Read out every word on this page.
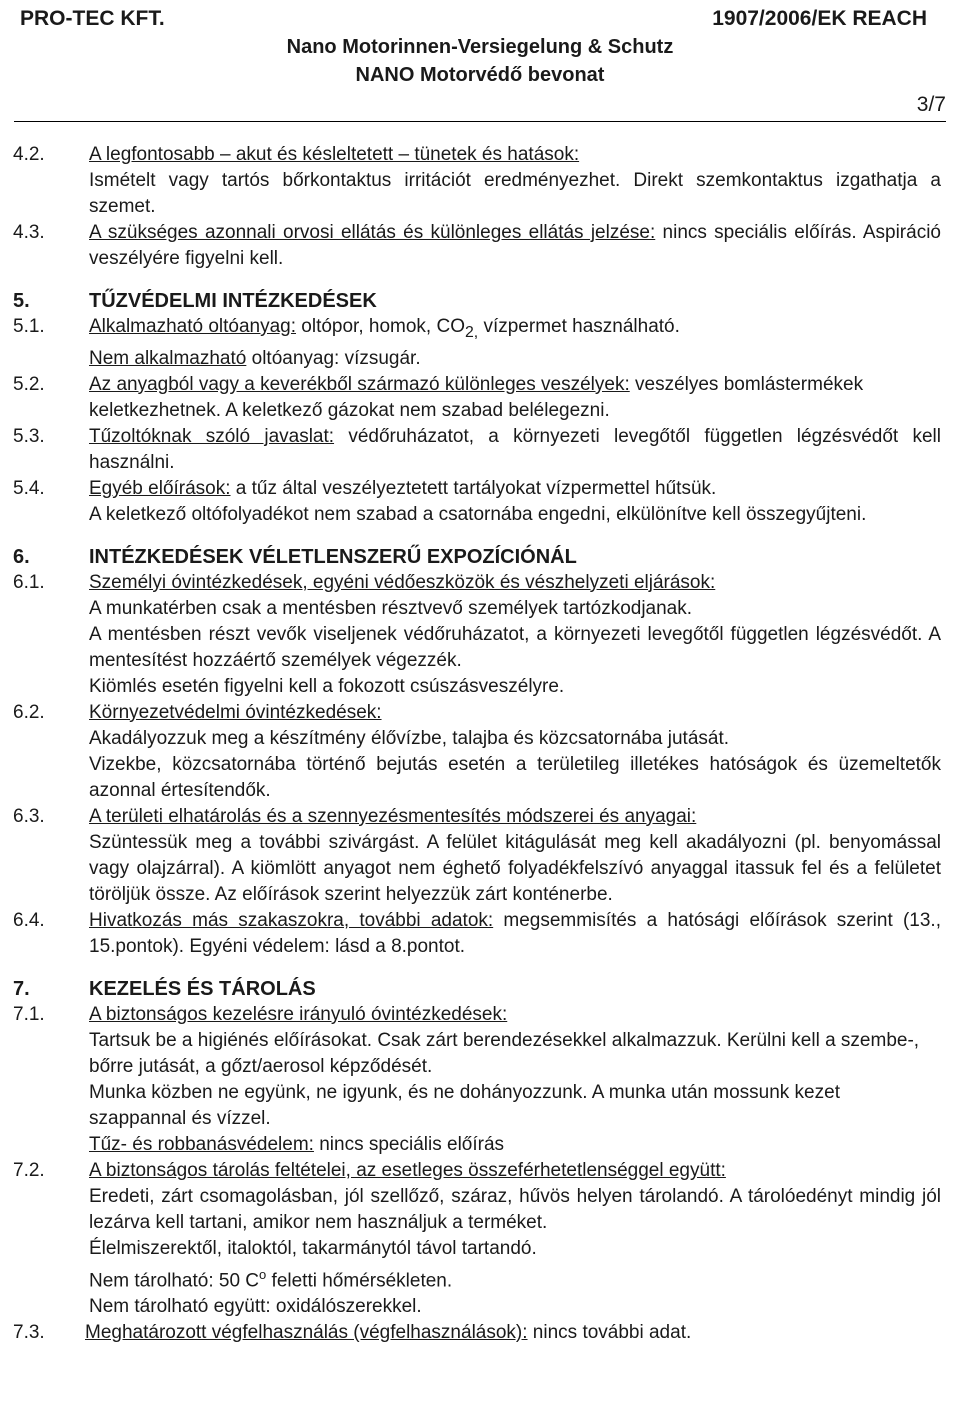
PRO-TEC KFT.	1907/2006/EK REACH
Nano Motorinnen-Versiegelung & Schutz
NANO Motorvédő bevonat
3/7
4.2.	A legfontosabb – akut és késleltetett – tünetek és hatások:
Ismételt vagy tartós bőrkontaktus irritációt eredményezhet. Direkt szemkontaktus izgathatja a szemet.
4.3.	A szükséges azonnali orvosi ellátás és különleges ellátás jelzése: nincs speciális előírás. Aspiráció veszélyére figyelni kell.
5.	TŰZVÉDELMI INTÉZKEDÉSEK
5.1.	Alkalmazható oltóanyag: oltópor, homok, $CO_{2,}$ vízpermet használható.
Nem alkalmazható oltóanyag: vízsugár.
5.2.	Az anyagból vagy a keverékből származó különleges veszélyek: veszélyes bomlástermékek keletkezhetnek. A keletkező gázokat nem szabad belélegezni.
5.3.	Tűzoltóknak szóló javaslat: védőruházatot, a környezeti levegőtől független légzésvédőt kell használni.
5.4.	Egyéb előírások: a tűz által veszélyeztetett tartályokat vízpermettel hűtsük.
A keletkező oltófolyadékot nem szabad a csatornába engedni, elkülönítve kell összegyűjteni.
6.	INTÉZKEDÉSEK VÉLETLENSZERŰ EXPOZÍCIÓNÁL
6.1.	Személyi óvintézkedések, egyéni védőeszközök és vészhelyzeti eljárások:
A munkatérben csak a mentésben résztvevő személyek tartózkodjanak.
A mentésben részt vevők viseljenek védőruházatot, a környezeti levegőtől független légzésvédőt. A mentesítést hozzáértő személyek végezzék.
Kiömlés esetén figyelni kell a fokozott csúszásveszélyre.
6.2.	Környezetvédelmi óvintézkedések:
Akadályozzuk meg a készítmény élővízbe, talajba és közcsatornába jutását.
Vizekbe, közcsatornába történő bejutás esetén a területileg illetékes hatóságok és üzemeltetők azonnal értesítendők.
6.3.	A területi elhatárolás és a szennyezésmentesítés módszerei és anyagai:
Szüntessük meg a további szivárgást. A felület kitágulását meg kell akadályozni (pl. benyomással vagy olajzárral). A kiömlött anyagot nem éghető folyadékfelszívó anyaggal itassuk fel és a felületet töröljük össze. Az előírások szerint helyezzük zárt konténerbe.
6.4.	Hivatkozás más szakaszokra, további adatok: megsemmisítés a hatósági előírások szerint (13., 15.pontok). Egyéni védelem: lásd a 8.pontot.
7.	KEZELÉS ÉS TÁROLÁS
7.1.	A biztonságos kezelésre irányuló óvintézkedések:
Tartsuk be a higiénés előírásokat. Csak zárt berendezésekkel alkalmazzuk. Kerülni kell a szembe-, bőrre jutását, a gőzt/aerosol képződését.
Munka közben ne együnk, ne igyunk, és ne dohányozzunk. A munka után mossunk kezet szappannal és vízzel.
Tűz- és robbanásvédelem: nincs speciális előírás
7.2.	A biztonságos tárolás feltételei, az esetleges összeférhetetlenséggel együtt:
Eredeti, zárt csomagolásban, jól szellőző, száraz, hűvös helyen tárolandó. A tárolóedényt mindig jól lezárva kell tartani, amikor nem használjuk a terméket.
Élelmiszerektől, italoktól, takarmánytól távol tartandó.
Nem tárolható: 50 $C^o$ feletti hőmérsékleten.
Nem tárolható együtt: oxidálószerekkel.
7.3.	Meghatározott végfelhasználás (végfelhasználások): nincs további adat.
